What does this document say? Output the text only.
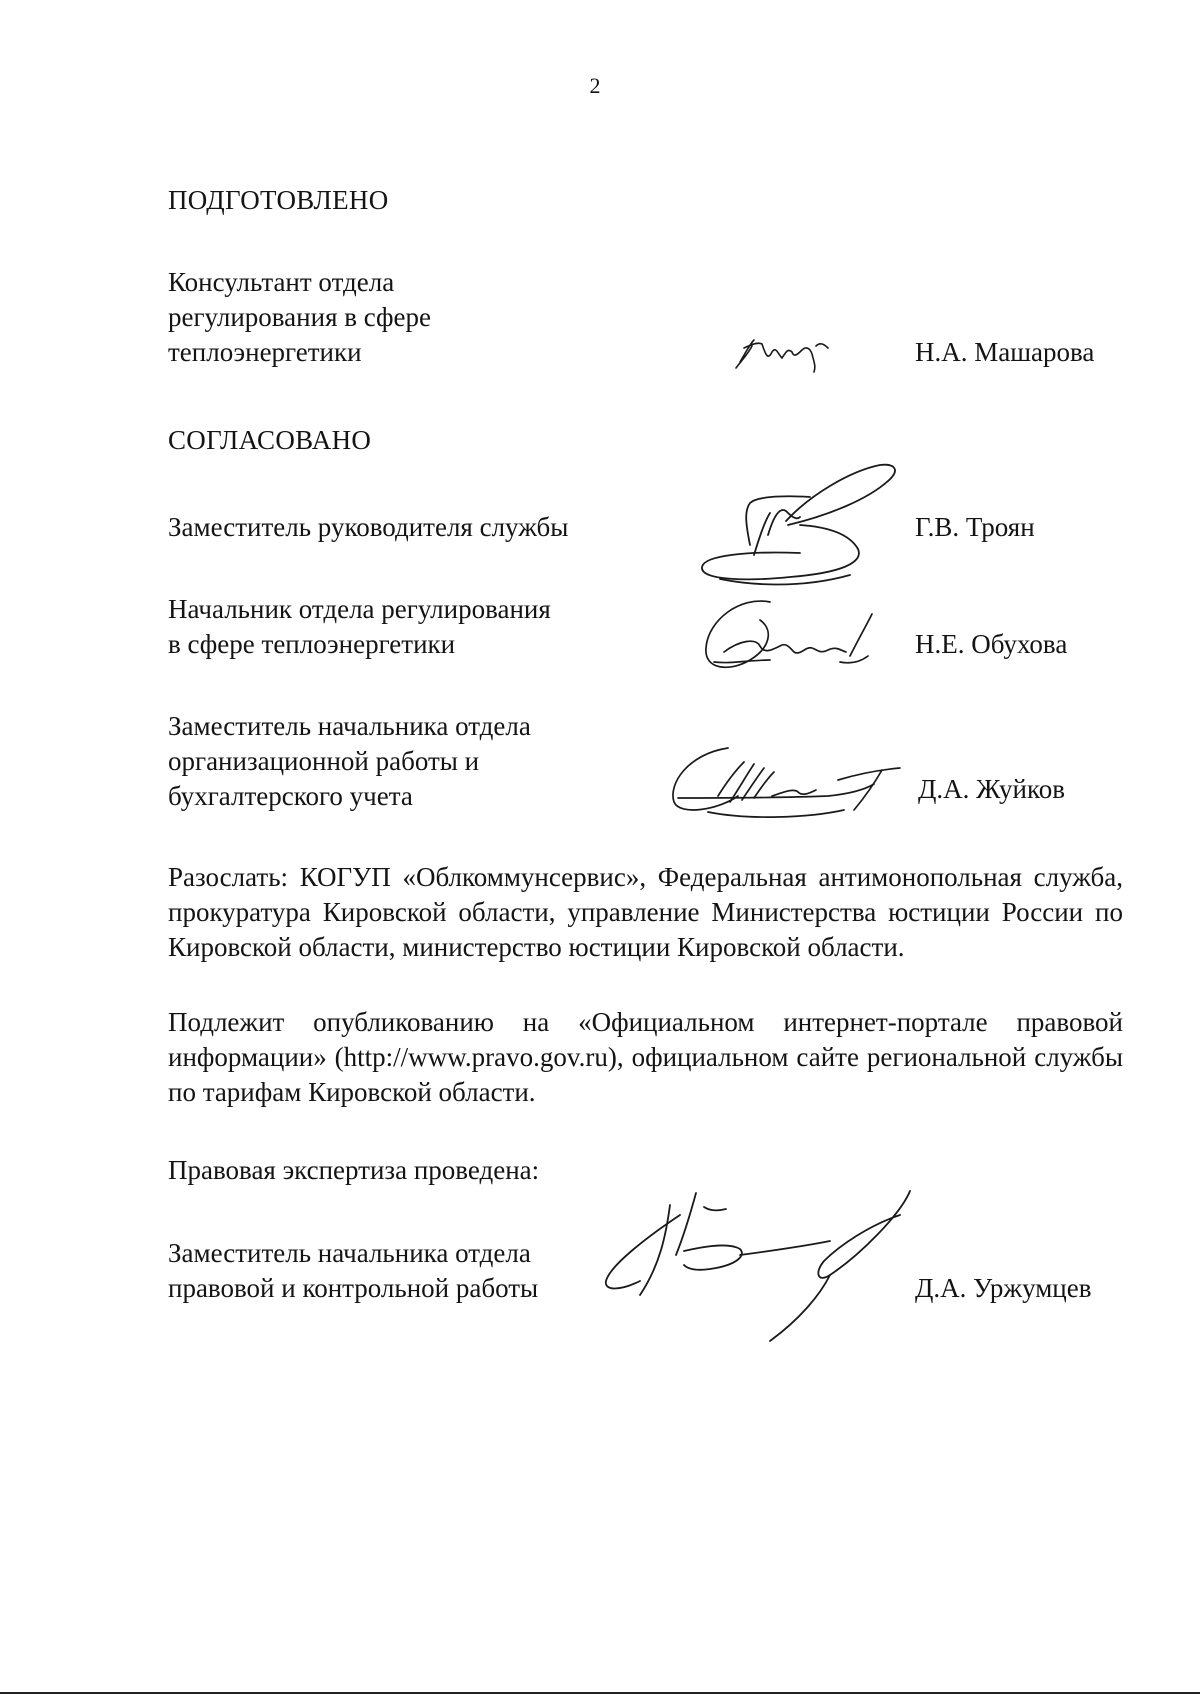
2
ПОДГОТОВЛЕНО
Консультант отдела
регулирования в сфере
теплоэнергетики	Н.А. Машарова
СОГЛАСОВАНО
Заместитель руководителя службы	Г.В. Троян
Начальник отдела регулирования
в сфере теплоэнергетики	Н.Е. Обухова
Заместитель начальника отдела
организационной работы и
бухгалтерского учета	Д.А. Жуйков
Разослать: КОГУП «Облкоммунсервис», Федеральная антимонопольная служба, прокуратура Кировской области, управление Министерства юстиции России по Кировской области, министерство юстиции Кировской области.
Подлежит опубликованию на «Официальном интернет-портале правовой информации» (http://www.pravo.gov.ru), официальном сайте региональной службы по тарифам Кировской области.
Правовая экспертиза проведена:
Заместитель начальника отдела
правовой и контрольной работы	Д.А. Уржумцев
